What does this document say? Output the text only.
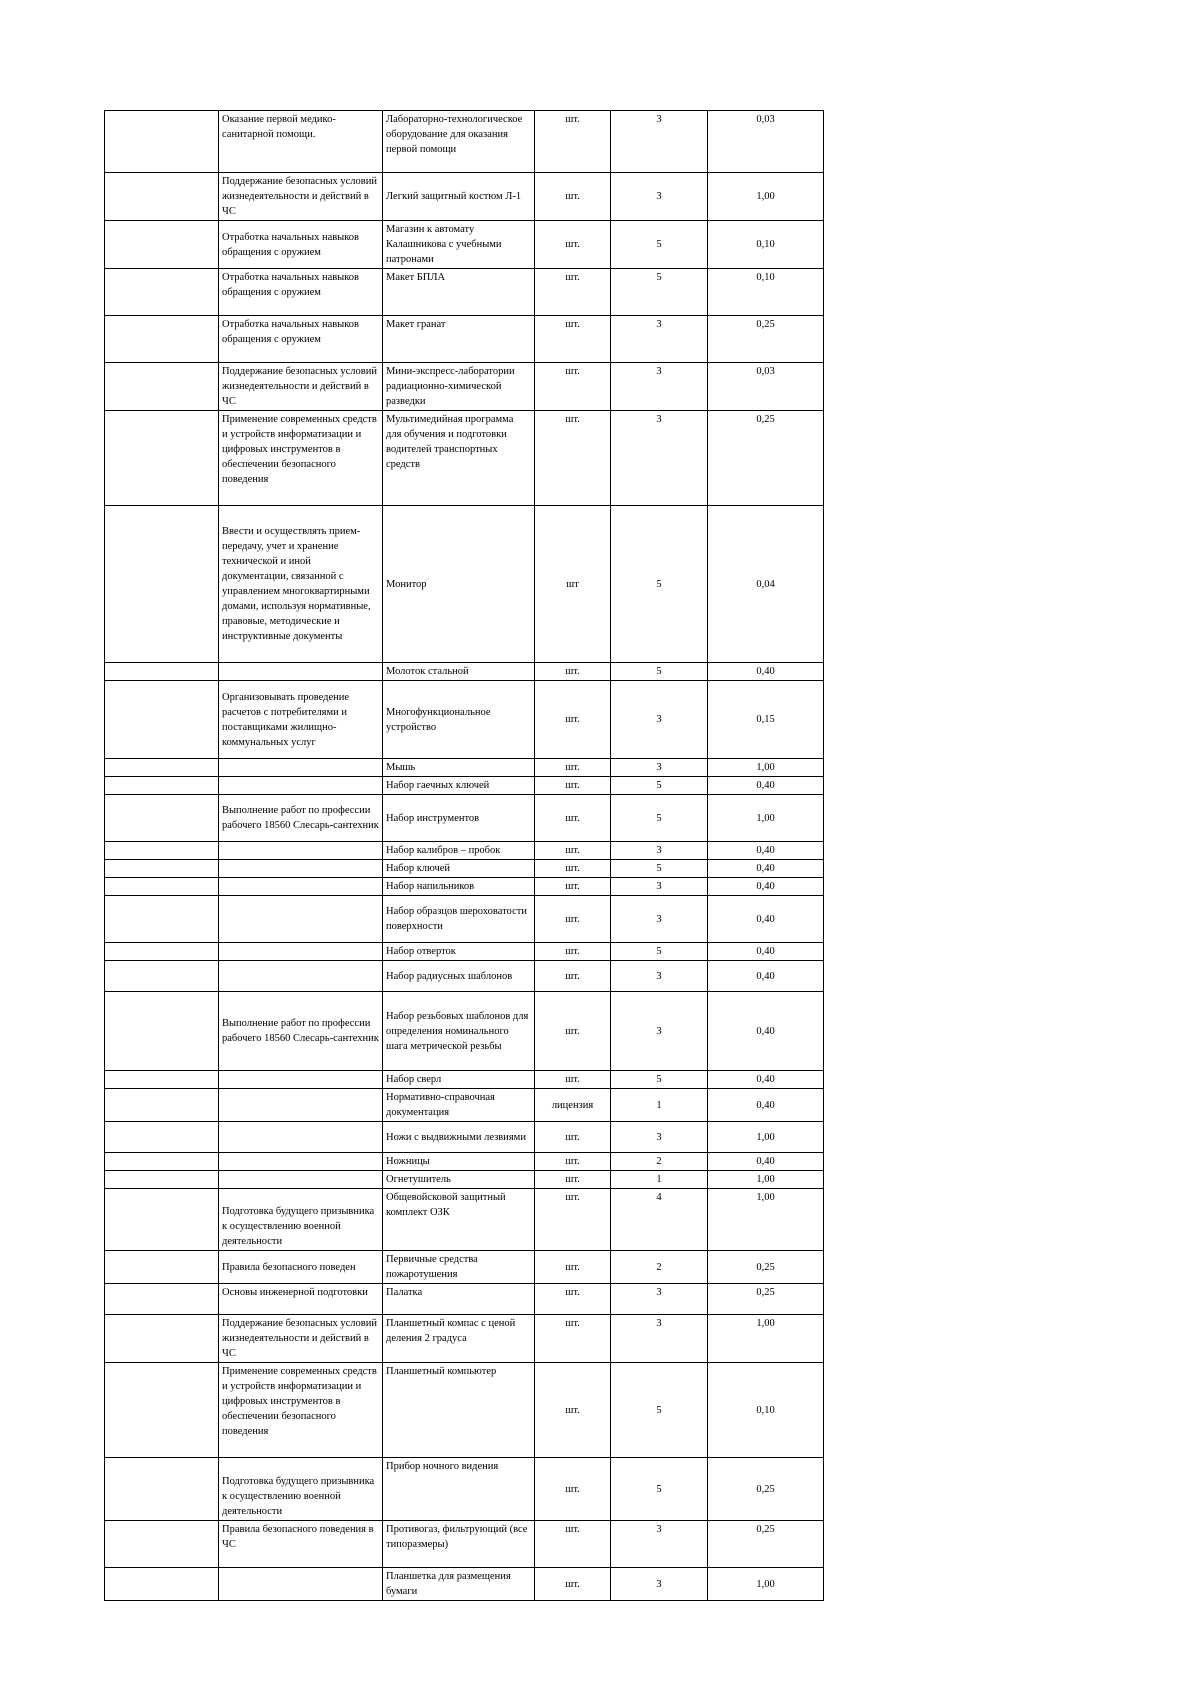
	Оказание первой медико-санитарной помощи.	Лабораторно-технологическое оборудование для оказания первой помощи	шт.	3	0,03
	Поддержание безопасных условий жизнедеятельности и действий в ЧС	Легкий защитный костюм Л-1	шт.	3	1,00
	Отработка начальных навыков обращения с оружием	Магазин к автомату Калашникова с учебными патронами	шт.	5	0,10
	Отработка начальных навыков обращения с оружием	Макет БПЛА	шт.	5	0,10
	Отработка начальных навыков обращения с оружием	Макет гранат	шт.	3	0,25
	Поддержание безопасных условий жизнедеятельности и действий в ЧС	Мини-экспресс-лаборатории радиационно-химической разведки	шт.	3	0,03
	Применение современных средств и устройств информатизации и цифровых инструментов в обеспечении безопасного поведения	Мультимедийная программа для обучения и подготовки водителей транспортных средств	шт.	3	0,25
	Ввести и осуществлять прием-передачу, учет и хранение технической и иной документации, связанной с управлением многоквартирными домами, используя нормативные, правовые, методические и инструктивные документы	Монитор	шт	5	0,04
		Молоток стальной	шт.	5	0,40
	Организовывать проведение расчетов с потребителями и поставщиками жилищно-коммунальных услуг	Многофункциональное устройство	шт.	3	0,15
		Мышь	шт.	3	1,00
		Набор гаечных ключей	шт.	5	0,40
	Выполнение работ по профессии рабочего 18560 Слесарь-сантехник	Набор инструментов	шт.	5	1,00
		Набор калибров – пробок	шт.	3	0,40
		Набор ключей	шт.	5	0,40
		Набор напильников	шт.	3	0,40
		Набор образцов шероховатости поверхности	шт.	3	0,40
		Набор отверток	шт.	5	0,40
		Набор радиусных шаблонов	шт.	3	0,40
	Выполнение работ по профессии рабочего 18560 Слесарь-сантехник	Набор резьбовых шаблонов для определения номинального шага метрической резьбы	шт.	3	0,40
		Набор сверл	шт.	5	0,40
		Нормативно-справочная документация	лицензия	1	0,40
		Ножи с выдвижными лезвиями	шт.	3	1,00
		Ножницы	шт.	2	0,40
		Огнетушитель	шт.	1	1,00
	Подготовка будущего призывника к осуществлению военной деятельности	Общевойсковой защитный комплект ОЗК	шт.	4	1,00
	Правила безопасного поведен	Первичные средства пожаротушения	шт.	2	0,25
	Основы инженерной подготовки	Палатка	шт.	3	0,25
	Поддержание безопасных условий жизнедеятельности и действий в ЧС	Планшетный компас с ценой деления 2 градуса	шт.	3	1,00
	Применение современных средств и устройств информатизации и цифровых инструментов в обеспечении безопасного поведения	Планшетный компьютер	шт.	5	0,10
	Подготовка будущего призывника к осуществлению военной деятельности	Прибор ночного видения	шт.	5	0,25
	Правила безопасного поведения в ЧС	Противогаз, фильтрующий (все типоразмеры)	шт.	3	0,25
		Планшетка для размещения бумаги	шт.	3	1,00
